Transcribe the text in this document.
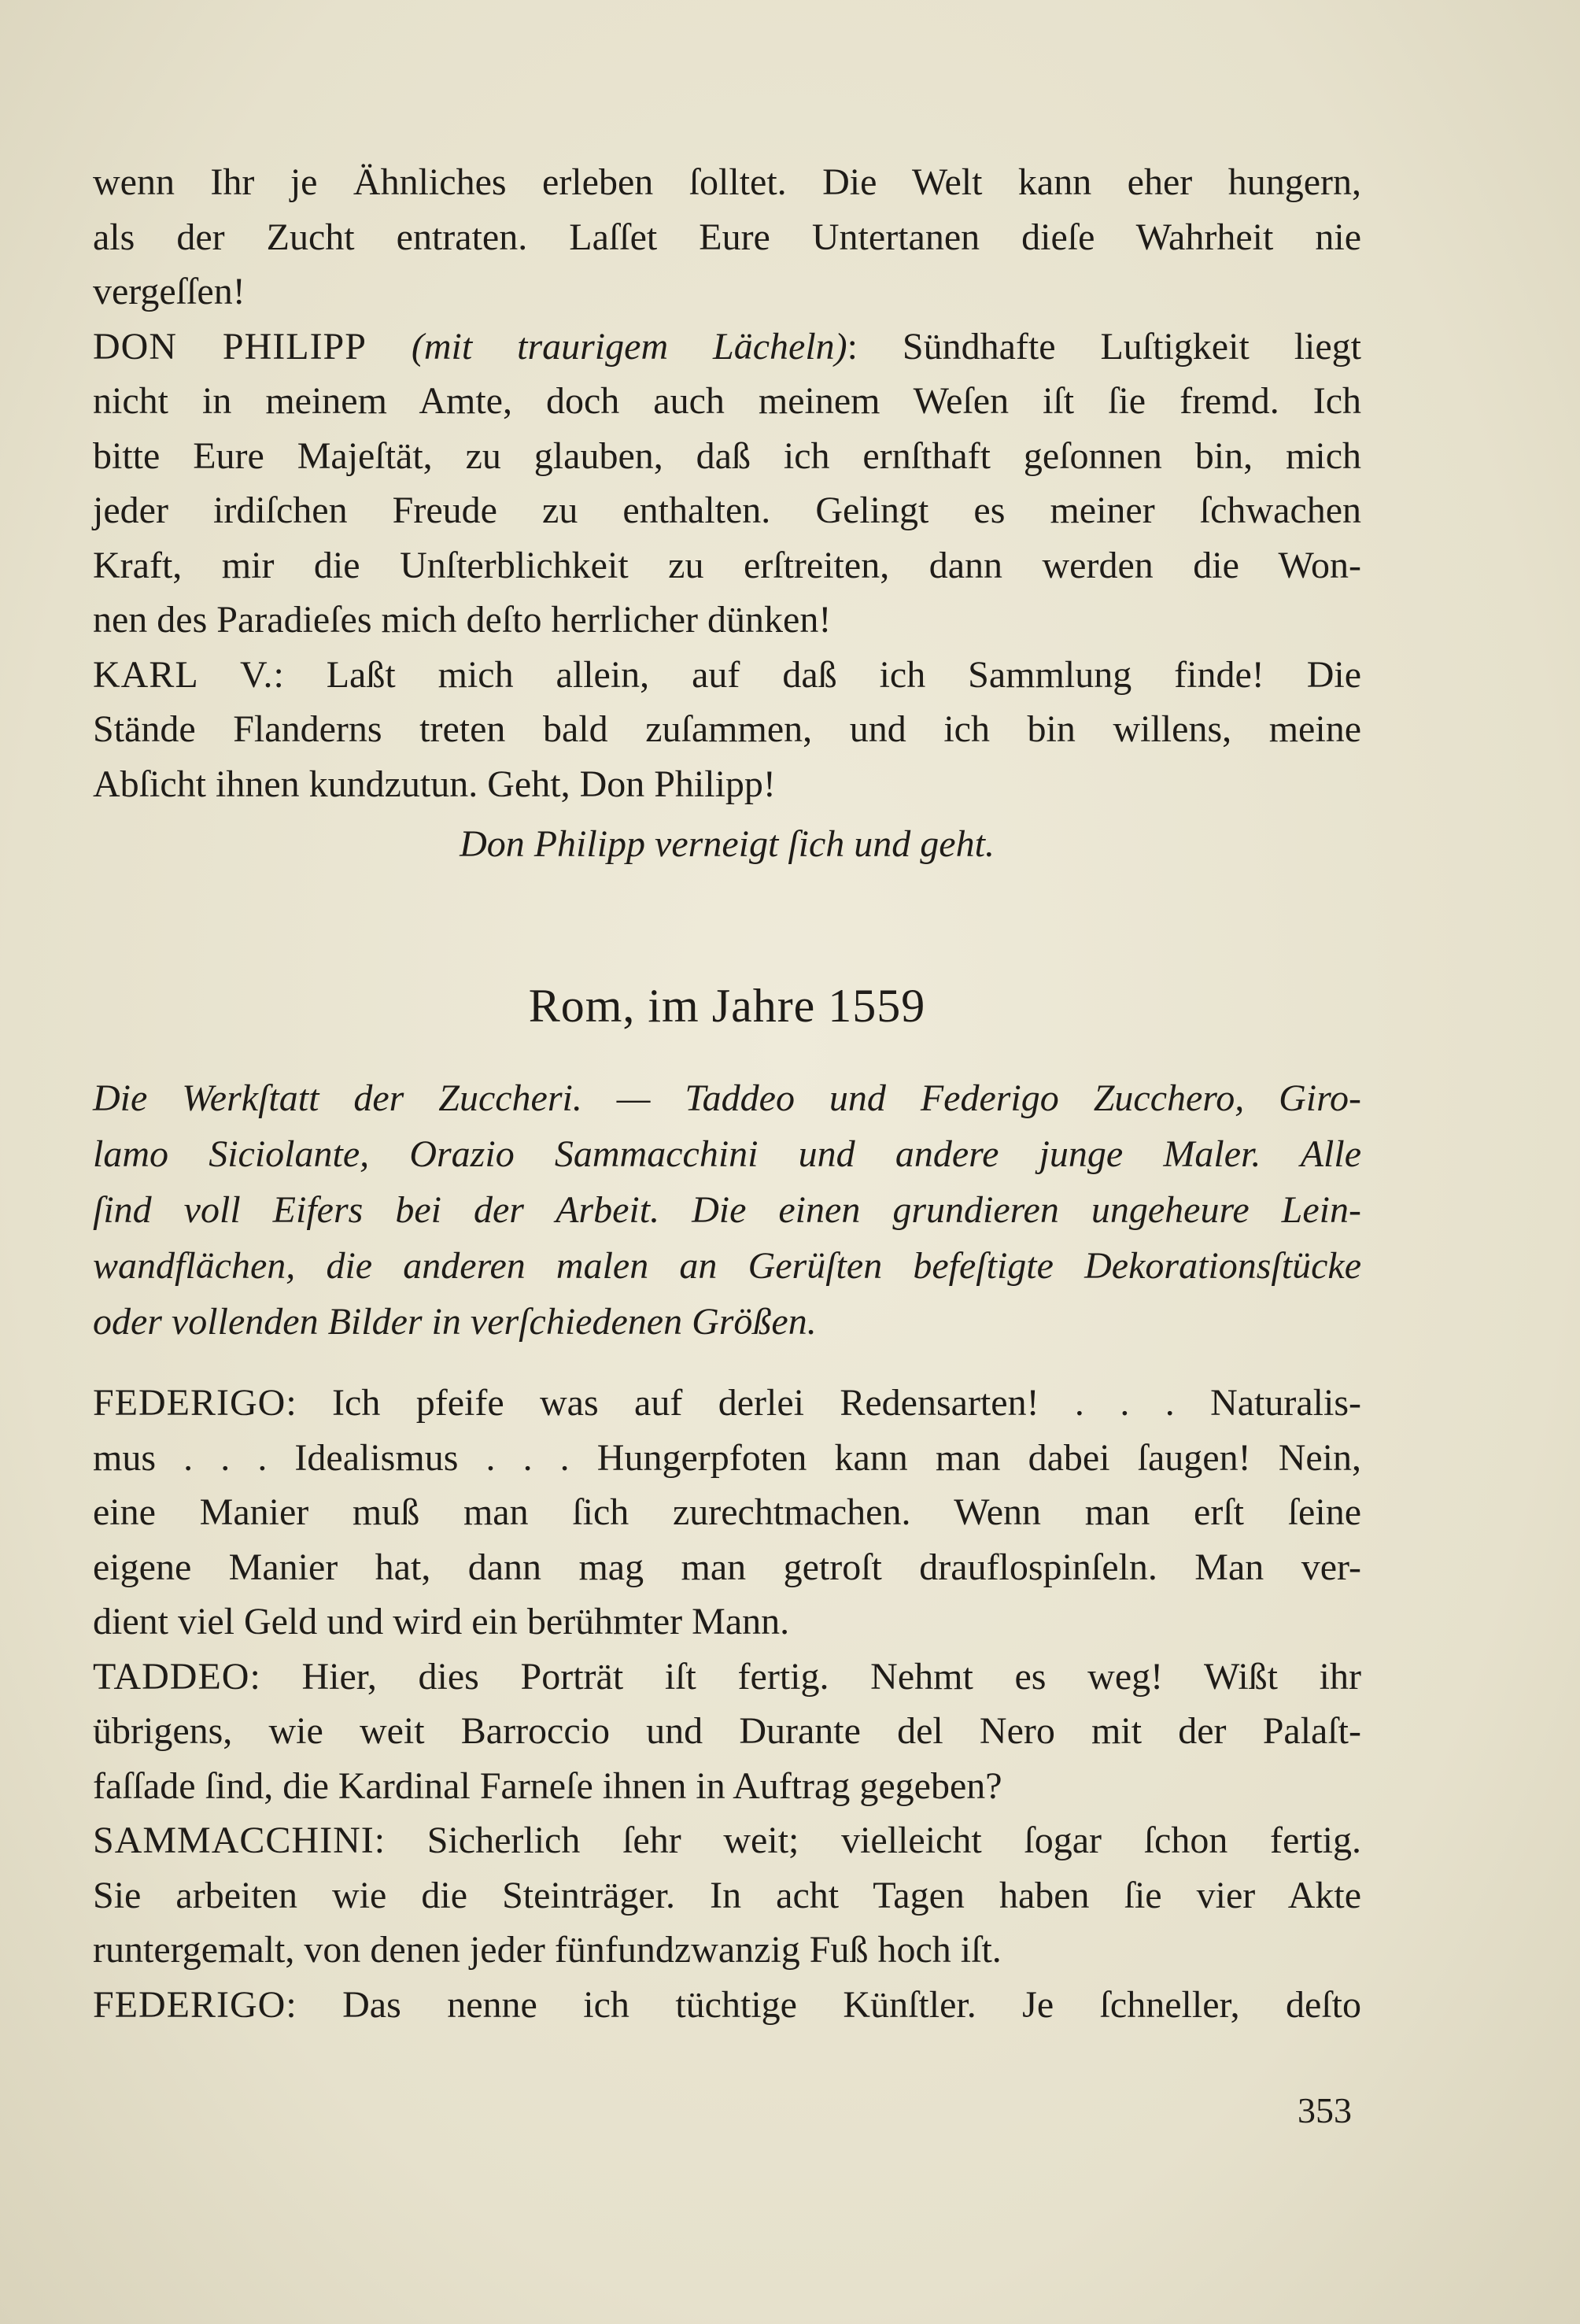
wenn Ihr je Ähnliches erleben ſolltet. Die Welt kann eher hungern,
als der Zucht entraten. Laſſet Eure Untertanen dieſe Wahrheit nie
vergeſſen!
DON PHILIPP (mit traurigem Lächeln): Sündhafte Luſtigkeit liegt
nicht in meinem Amte, doch auch meinem Weſen iſt ſie fremd. Ich
bitte Eure Majeſtät, zu glauben, daß ich ernſthaft geſonnen bin, mich
jeder irdiſchen Freude zu enthalten. Gelingt es meiner ſchwachen
Kraft, mir die Unſterblichkeit zu erſtreiten, dann werden die Won-
nen des Paradieſes mich deſto herrlicher dünken!
KARL V.: Laßt mich allein, auf daß ich Sammlung finde! Die
Stände Flanderns treten bald zuſammen, und ich bin willens, meine
Abſicht ihnen kundzutun. Geht, Don Philipp!
Don Philipp verneigt ſich und geht.
Rom, im Jahre 1559
Die Werkſtatt der Zuccheri. — Taddeo und Federigo Zucchero, Giro-
lamo Siciolante, Orazio Sammacchini und andere junge Maler. Alle
ſind voll Eifers bei der Arbeit. Die einen grundieren ungeheure Lein-
wandflächen, die anderen malen an Gerüſten befeſtigte Dekorationsſtücke
oder vollenden Bilder in verſchiedenen Größen.
FEDERIGO: Ich pfeife was auf derlei Redensarten! . . . Naturalis-
mus . . . Idealismus . . . Hungerpfoten kann man dabei ſaugen! Nein,
eine Manier muß man ſich zurechtmachen. Wenn man erſt ſeine
eigene Manier hat, dann mag man getroſt drauflospinſeln. Man ver-
dient viel Geld und wird ein berühmter Mann.
TADDEO: Hier, dies Porträt iſt fertig. Nehmt es weg! Wißt ihr
übrigens, wie weit Barroccio und Durante del Nero mit der Palaſt-
faſſade ſind, die Kardinal Farneſe ihnen in Auftrag gegeben?
SAMMACCHINI: Sicherlich ſehr weit; vielleicht ſogar ſchon fertig.
Sie arbeiten wie die Steinträger. In acht Tagen haben ſie vier Akte
runtergemalt, von denen jeder fünfundzwanzig Fuß hoch iſt.
FEDERIGO: Das nenne ich tüchtige Künſtler. Je ſchneller, deſto
353
